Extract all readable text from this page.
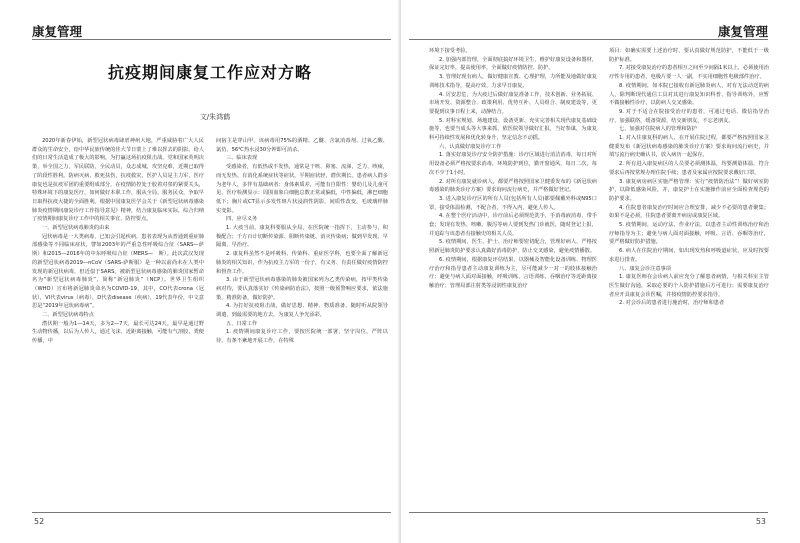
康复管理
抗疫期间康复工作应对方略
文/朱鸿鹤

2020年新春伊始，新型冠状病毒肆虐神州大地，严重威胁着广大人民群众的生命安全，给中华民族传统的佳大节日蒙上了难以挥去的阴影。给人们的日常生活造成了极大的影响。为打赢这场抗疫阻击战，党和国家英明决策，举全国之力，军民联防，全民动员，众志成城，攻坚克难，近期已取得了阶段性胜利。防病灭病，救死扶伤，抗疫救灾，医护人员是主力军，医疗康复也是抗疫军团的重要组成部分，在疫情防控处于胶着对垒的紧要关头，特殊环境下的康复医疗，如何做好本职工作，服从全局，服务民众，争取早日取得抗疫大捷的全面胜利。根据中国康复医学会关于《新型冠状病毒感染肺炎疫情期间康复诊疗工作指导意见》精神，结合康复临床实际，综合归纳了疫情期间康复诊疗工作中的相关事宜、防控要点。

一、新型冠状病毒肺炎的由来

冠状病毒是一大类病毒，已知会引起疾病，患者表现为从普通到重症肺部感染等不同临床症状，譬如2003年的严重急性呼吸综合征（SARS—萨斯）和2015—2016年的中东呼吸综合征（MERS—　斯）。此次武汉发现的新型冠状病毒2019—nCoV（SARS-萨斯服）是一种以前尚未在人类中发现的新冠状病毒，但近似于SARS。被新型冠状病毒感染的肺炎国家暂命名为“新型冠状病毒肺炎”，简称“新冠肺炎”（NCP）。世界卫生组织（WHO）宣布将新冠肺炎命名为COVID-19，其中，CO代表crona（冠状），VI代表virus（病毒），D代表disease（疾病），19代表年份，中文意思是“2019年冠状病毒病”。

二、新型冠状病毒特点

潜伏期一般为1—14天，多为2—7天，最长可达24天。最早是通过野生动物传播，以后为人传人，通过飞沫、近距离接触，可能有气溶胶、粪便传播，中

间宿主是穿山甲。该病毒用75%的酒精、乙醚、含氯消毒剂、过氧乙酸、氯仿、56℃热水浸30分钟即可消杀。

三、临床表现

受感染者，有低热或不发热，通常是干咳、鼻塞、流涕、乏力、咳痰，而无发热、有消化系统症状等症状，平期症状轻，潜伏期长。患者病人群多为老年人，多伴有基础病者：身体素质差，可能有自限性：婴幼儿及儿童可见，医疗检测显示：周围血象白细胞总数正常或偏低，中性偏低，淋巴细胞低下；胸片或CT显示多发性斑片状浸润性阴影，间质性改变，毛玻璃样肺实变影。

四、应尽义务

1. 大疫当前，康复科要服从全局，在医院统一指挥下，主动参与，积极配合；千方百计切断传染源、阻断传染链、消灭传染病；做到早发现、早隔离、早治疗。

2. 康复科虽然不是呼吸科、传染科、重症医学科，也要全面了解新冠肺炎的相关知识，作为抗疫主力军的一份子，有义务、有责任做好疫情防控和督查工作。

3. 由于新型冠状病毒感染的肺炎被国家列为乙类传染病，按甲类传染病对待，要认真落实好《传染病防治法》，按照一级预警响应要求，依法施策，精准防备，做好防护。

4. 为打好抗疫阻击战，做好思想、精神、物质准备，随时听从院领导调遣，到最需要的地方去，为康复人争光添彩。

五、日常工作

1. 疫情期间康复诊疗工作，要按医院统一部署，坚守岗位，严阵以待，有条不紊地开展工作，在特殊

52
康复管理

环境下接受考验。

2. 加强内部管理，全面彻底搞好环境卫生，维护好康复设备和器材，保证完好率，提高使用率，全面做好疫情防控、防护。

3. 管理好现有病人，做好健康宣教、心理护理，力所能及地做好康复训练技术指导，提高疗效，力求早日康复。

4. 厉安思危，为大疫过后做好康复准备工作，技术创新、业务拓展、市场开发、资源整合、政策利用、优势互补、人员组合、制度建设等，更要提到议事日程上来，动静结合。

5. 对科室规划、场地建设、设备更新、充实完善相关现代康复基础设施等，也要当成头等大事来抓，依医院领导做好汇报，当好参谋，为康复科可持续性发展和优化转身升，坚定信念不动摇。

六、认真做好康复诊疗工作

1. 落实好康复诊疗安全防护措施：诊疗区域进行消洁消毒，每日对所用设备必须严格按要求消毒，环境防护到位，勤开窗通风，每日二次，每次不少于1小时。

2. 对所有康复就诊病人，都要严格按照国家卫健委发布的《新冠状病毒感染的肺炎诊疗方案》要求询问流行病史，并严格做好登记。

3. 进入康复诊疗区的所有人员(包括所有人员)都要佩戴外科或N95口罩，接受体温检测，不配合者，不得入内，避免人传人。

4. 在整个医疗活动中，诊疗前后必须规范洗手，手消毒液消毒，带手套；发现有发热、咳嗽、腹泻等病人要到发热门诊就医，随时登记上报，并追踪与该患者有接触史的相关人员。

5. 疫情期间，医生、护士、治疗师要密切配合，管理好病人，严格按照新冠肺炎防护要求认真做好消毒防护，防止交叉感染，避免疫情播散。

6. 疫情期间，根据康复评估结果，以器械及智能化设备训练、物理医疗治疗和指导患者主动康复训练为主，尽可能减少一对一的肢体接触治疗；避免与病人面对面接触，呼吸训练、言语训练、吞咽治疗等近距离接触治疗；管理局部注射类等浸润性康复治疗

项目：如确实需要上述治疗时，要认真做好规范防护，不能低于一级防护标准。

7. 对接受康复治疗的患者相互之间至少间隔1米以上，必须使用治疗性专用的患者，电极片要一人一副，不实用细胞性电极部件治疗。

8. 疫情期间，如本院已接收有新冠肺炎病人，对有无法动送的病人，除判断现代通信工具对其进行康复知识科普、指导训练外，应暂不做接触性诊疗，以防病人交叉感染。

9. 对于不适合在院接受治疗的患者，可通过电话、微信指导治疗，加强联络，缓备资源，结交新朋友，不忘老朋友。

七、加强对住院病人的管理和防护

1. 对入住康复科的病人，在开展住院过程，都要严格按照国家卫健委发布《新冠状病毒感染的肺炎诊疗方案》要求询问流行病史，并填写流行病史确认书，放入病历一起保存。

2. 所有进入康复病区的人员要必须测体温，均要测量体温，符合要求后再按常规办理住院手续；患者及家属应按院要求戴好口罩。

3. 康复病房病区实施严格管理：实行“疫情防治法”！做好病室防护，以降低感染风险，并，康复护士在实施操作前应全面检查规范的防护要求。

4. 住院患者康复治疗时间应合理安排，减少不必要的患者聚集；如果不是必须，住院患者要离开病房或康复区域。

5. 疫情期间，运动疗法、作业疗法，以患者主动性训练治疗和治疗师指导为主；避免与病人面对面接触，呼吸、言语、吞咽等治疗，要严格做好防护措施。

6. 病人在住院治疗期间，如出现发热和呼吸道症状，应及时按要求进行排查。

八、康复会诊注意事项

1. 康复医师在会诊病人前应充分了解患者病情，与相关科室主管医生做好沟通，采取必要的个人防护措施后方可进行；需要康复治疗者应开具康复会诊医嘱，并按疫情防控要求指导。

2. 对会诊后的患者进行施治时，治疗师和患者

53
